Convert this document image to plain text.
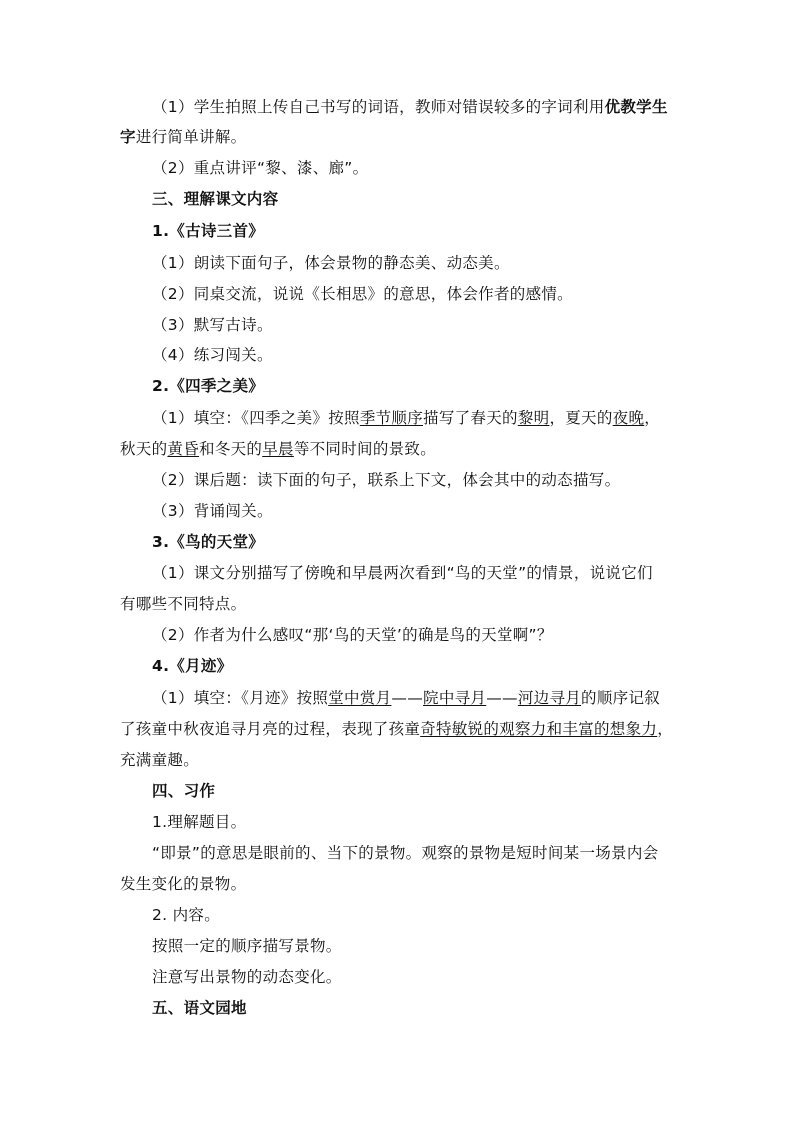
（1）学生拍照上传自己书写的词语，教师对错误较多的字词利用优教学生
字进行简单讲解。
（2）重点讲评“黎、漆、廊”。
三、理解课文内容
1.《古诗三首》
（1）朗读下面句子，体会景物的静态美、动态美。
（2）同桌交流，说说《长相思》的意思，体会作者的感情。
（3）默写古诗。
（4）练习闯关。
2.《四季之美》
（1）填空：《四季之美》按照季节顺序描写了春天的黎明，夏天的夜晚，
秋天的黄昏和冬天的早晨等不同时间的景致。
（2）课后题：读下面的句子，联系上下文，体会其中的动态描写。
（3）背诵闯关。
3.《鸟的天堂》
（1）课文分别描写了傍晚和早晨两次看到“鸟的天堂”的情景，说说它们
有哪些不同特点。
（2）作者为什么感叹“那‘鸟的天堂’的确是鸟的天堂啊”？
4.《月迹》
（1）填空：《月迹》按照堂中赏月——院中寻月——河边寻月的顺序记叙
了孩童中秋夜追寻月亮的过程，表现了孩童奇特敏锐的观察力和丰富的想象力，
充满童趣。
四、习作
1.理解题目。
“即景”的意思是眼前的、当下的景物。观察的景物是短时间某一场景内会
发生变化的景物。
2. 内容。
按照一定的顺序描写景物。
注意写出景物的动态变化。
五、语文园地
